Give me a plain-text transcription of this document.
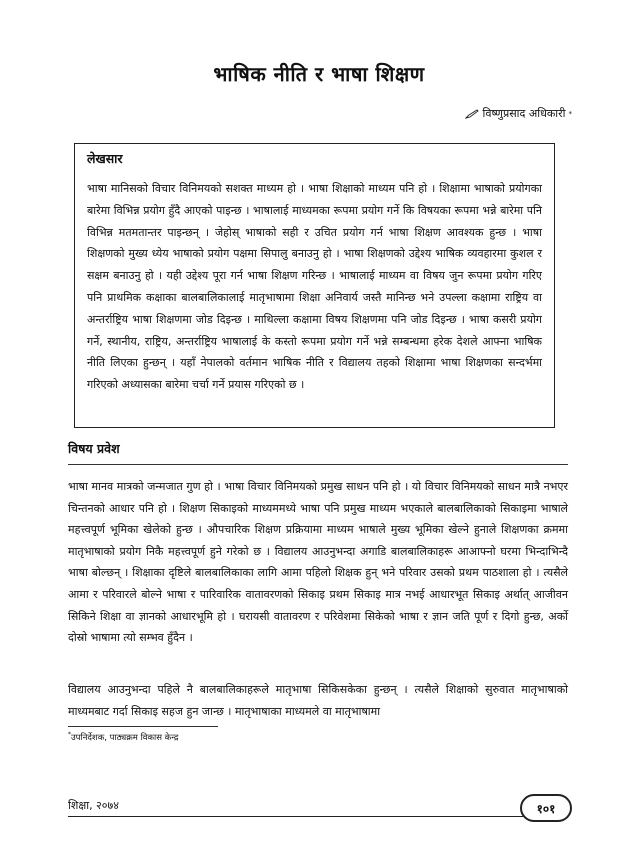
भाषिक नीति र भाषा शिक्षण
विष्णुप्रसाद अधिकारी *
लेखसार
भाषा मानिसको विचार विनिमयको सशक्त माध्यम हो । भाषा शिक्षाको माध्यम पनि हो । शिक्षामा भाषाको प्रयोगका बारेमा विभिन्न प्रयोग हुँदै आएको पाइन्छ । भाषालाई माध्यमका रूपमा प्रयोग गर्ने कि विषयका रूपमा भन्ने बारेमा पनि विभिन्न मतमतान्तर पाइन्छन् । जेहोस् भाषाको सही र उचित प्रयोग गर्न भाषा शिक्षण आवश्यक हुन्छ । भाषा शिक्षणको मुख्य ध्येय भाषाको प्रयोग पक्षमा सिपालु बनाउनु हो । भाषा शिक्षणको उद्देश्य भाषिक व्यवहारमा कुशल र सक्षम बनाउनु हो । यही उद्देश्य पूरा गर्न भाषा शिक्षण गरिन्छ । भाषालाई माध्यम वा विषय जुन रूपमा प्रयोग गरिए पनि प्राथमिक कक्षाका बालबालिकालाई मातृभाषामा शिक्षा अनिवार्य जस्तै मानिन्छ भने उपल्ला कक्षामा राष्ट्रिय वा अन्तर्राष्ट्रिय भाषा शिक्षणमा जोड दिइन्छ । माथिल्ला कक्षामा विषय शिक्षणमा पनि जोड दिइन्छ । भाषा कसरी प्रयोग गर्ने, स्थानीय, राष्ट्रिय, अन्तर्राष्ट्रिय भाषालाई के कस्तो रूपमा प्रयोग गर्ने भन्ने सम्बन्धमा हरेक देशले आफ्ना भाषिक नीति लिएका हुन्छन् । यहाँ नेपालको वर्तमान भाषिक नीति र विद्यालय तहको शिक्षामा भाषा शिक्षणका सन्दर्भमा गरिएको अध्यासका बारेमा चर्चा गर्ने प्रयास गरिएको छ ।
विषय प्रवेश
भाषा मानव मात्रको जन्मजात गुण हो । भाषा विचार विनिमयको प्रमुख साधन पनि हो । यो विचार विनिमयको साधन मात्रै नभएर चिन्तनको आधार पनि हो । शिक्षण सिकाइको माध्यममध्ये भाषा पनि प्रमुख माध्यम भएकाले बालबालिकाको सिकाइमा भाषाले महत्त्वपूर्ण भूमिका खेलेको हुन्छ । औपचारिक शिक्षण प्रक्रियामा माध्यम भाषाले मुख्य भूमिका खेल्ने हुनाले शिक्षणका क्रममा मातृभाषाको प्रयोग निकै महत्त्वपूर्ण हुने गरेको छ । विद्यालय आउनुभन्दा अगाडि बालबालिकाहरू आआफ्नो घरमा भिन्दाभिन्दै भाषा बोल्छन् । शिक्षाका दृष्टिले बालबालिकाका लागि आमा पहिलो शिक्षक हुन् भने परिवार उसको प्रथम पाठशाला हो । त्यसैले आमा र परिवारले बोल्ने भाषा र पारिवारिक वातावरणको सिकाइ प्रथम सिकाइ मात्र नभई आधारभूत सिकाइ अर्थात् आजीवन सिकिने शिक्षा वा ज्ञानको आधारभूमि हो । घरायसी वातावरण र परिवेशमा सिकेको भाषा र ज्ञान जति पूर्ण र दिगो हुन्छ, अर्को दोस्रो भाषामा त्यो सम्भव हुँदैन ।
विद्यालय आउनुभन्दा पहिले नै बालबालिकाहरूले मातृभाषा सिकिसकेका हुन्छन् । त्यसैले शिक्षाको सुरुवात मातृभाषाको माध्यमबाट गर्दा सिकाइ सहज हुन जान्छ । मातृभाषाका माध्यमले वा मातृभाषामा
*उपनिर्देशक, पाठ्यक्रम विकास केन्द्र
शिक्षा, २०७४	१०१
